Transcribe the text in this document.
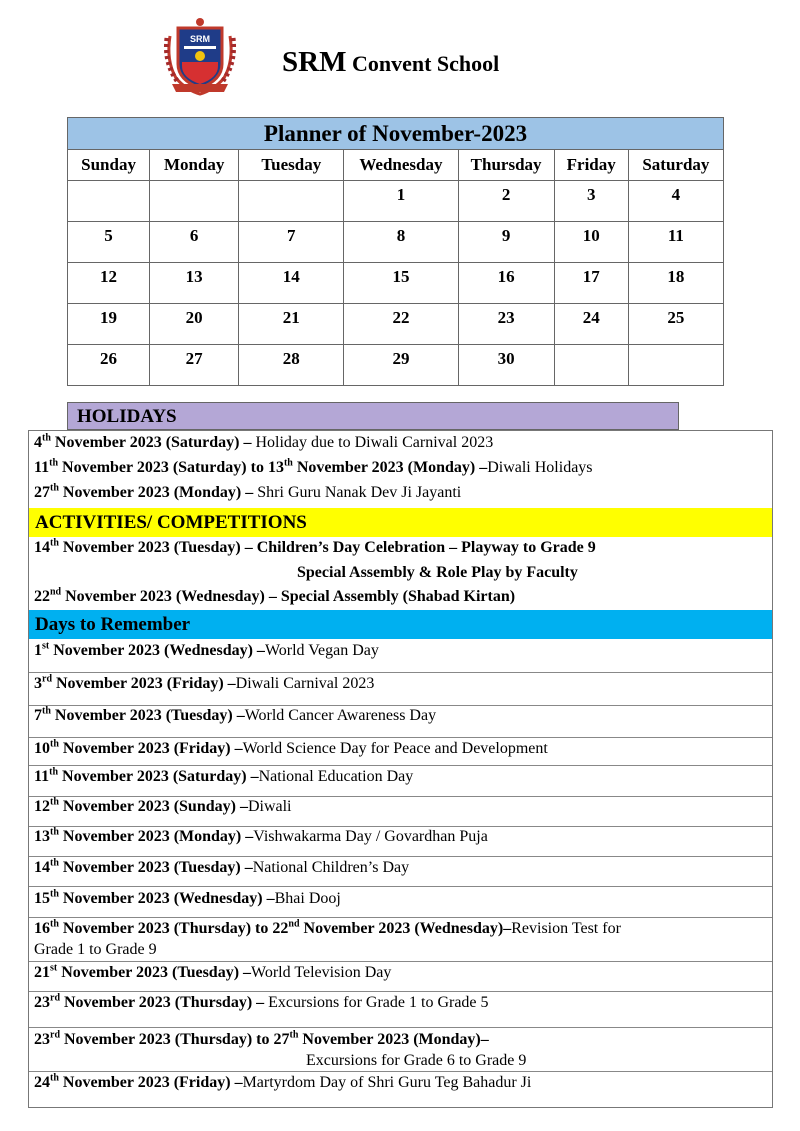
SRM
SRM Convent School
Planner of November-2023						
Sunday	Monday	Tuesday	Wednesday	Thursday	Friday	Saturday
			1	2	3	4
5	6	7	8	9	10	11
12	13	14	15	16	17	18
19	20	21	22	23	24	25
26	27	28	29	30		
HOLIDAYS
4th November 2023 (Saturday) – Holiday due to Diwali Carnival 2023
11th November 2023 (Saturday) to 13th November 2023 (Monday) –Diwali Holidays
27th November 2023 (Monday) – Shri Guru Nanak Dev Ji Jayanti
ACTIVITIES/ COMPETITIONS
14th November 2023 (Tuesday) – Children’s Day Celebration – Playway to Grade 9
Special Assembly & Role Play by Faculty
22nd November 2023 (Wednesday) – Special Assembly (Shabad Kirtan)
Days to Remember
1st November 2023 (Wednesday) –World Vegan Day
3rd November 2023 (Friday) –Diwali Carnival 2023
7th November 2023 (Tuesday) –World Cancer Awareness Day
10th November 2023 (Friday) –World Science Day for Peace and Development
11th November 2023 (Saturday) –National Education Day
12th November 2023 (Sunday) –Diwali
13th November 2023 (Monday) –Vishwakarma Day / Govardhan Puja
14th November 2023 (Tuesday) –National Children’s Day
15th November 2023 (Wednesday) –Bhai Dooj
16th November 2023 (Thursday) to 22nd November 2023 (Wednesday)–Revision Test for
Grade 1 to Grade 9
21st November 2023 (Tuesday) –World Television Day
23rd November 2023 (Thursday) – Excursions for Grade 1 to Grade 5
23rd November 2023 (Thursday) to 27th November 2023 (Monday)–
Excursions for Grade 6 to Grade 9
24th November 2023 (Friday) –Martyrdom Day of Shri Guru Teg Bahadur Ji
